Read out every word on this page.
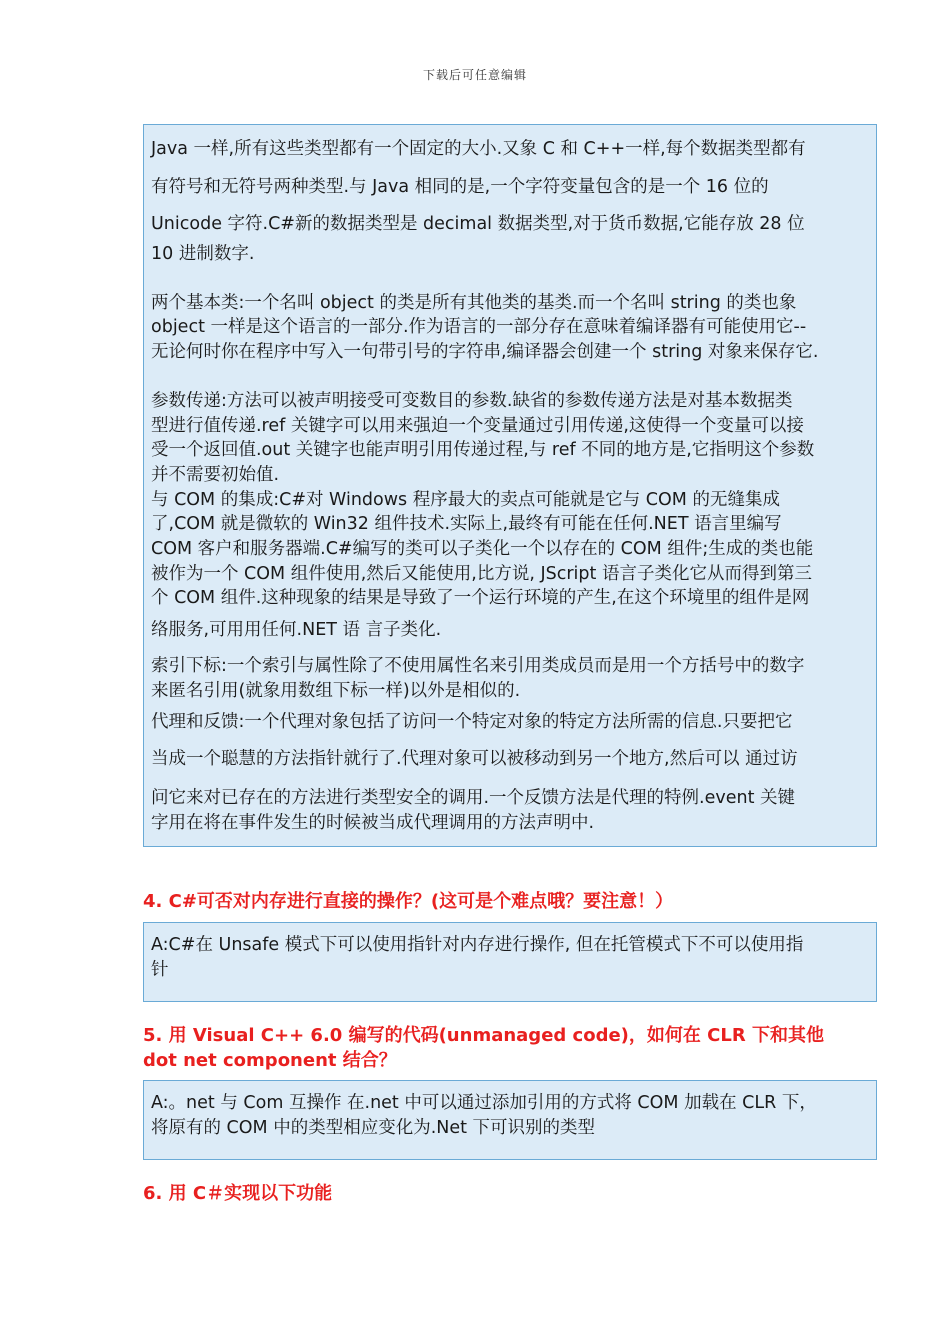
下载后可任意编辑

Java 一样,所有这些类型都有一个固定的大小.又象 C 和 C++一样,每个数据类型都有

有符号和无符号两种类型.与 Java 相同的是,一个字符变量包含的是一个 16 位的

Unicode 字符.C#新的数据类型是 decimal 数据类型,对于货币数据,它能存放 28 位

10 进制数字.

两个基本类:一个名叫 object 的类是所有其他类的基类.而一个名叫 string 的类也象

object 一样是这个语言的一部分.作为语言的一部分存在意味着编译器有可能使用它--

无论何时你在程序中写入一句带引号的字符串,编译器会创建一个 string 对象来保存它.

参数传递:方法可以被声明接受可变数目的参数.缺省的参数传递方法是对基本数据类

型进行值传递.ref 关键字可以用来强迫一个变量通过引用传递,这使得一个变量可以接

受一个返回值.out 关键字也能声明引用传递过程,与 ref 不同的地方是,它指明这个参数

并不需要初始值.

与 COM 的集成:C#对 Windows 程序最大的卖点可能就是它与 COM 的无缝集成

了,COM 就是微软的 Win32 组件技术.实际上,最终有可能在任何.NET 语言里编写

COM 客户和服务器端.C#编写的类可以子类化一个以存在的 COM 组件;生成的类也能

被作为一个 COM 组件使用,然后又能使用,比方说, JScript 语言子类化它从而得到第三

个 COM 组件.这种现象的结果是导致了一个运行环境的产生,在这个环境里的组件是网

络服务,可用用任何.NET 语 言子类化.

索引下标:一个索引与属性除了不使用属性名来引用类成员而是用一个方括号中的数字

来匿名引用(就象用数组下标一样)以外是相似的.

代理和反馈:一个代理对象包括了访问一个特定对象的特定方法所需的信息.只要把它

当成一个聪慧的方法指针就行了.代理对象可以被移动到另一个地方,然后可以 通过访

问它来对已存在的方法进行类型安全的调用.一个反馈方法是代理的特例.event 关键

字用在将在事件发生的时候被当成代理调用的方法声明中.

4. C#可否对内存进行直接的操作？(这可是个难点哦？要注意！）

A:C#在 Unsafe 模式下可以使用指针对内存进行操作, 但在托管模式下不可以使用指

针

5. 用 Visual C++ 6.0 编写的代码(unmanaged code)，如何在 CLR 下和其他
dot net component 结合？

A:。net 与 Com 互操作 在.net 中可以通过添加引用的方式将 COM 加载在 CLR 下，

将原有的 COM 中的类型相应变化为.Net 下可识别的类型

6. 用 C＃实现以下功能
